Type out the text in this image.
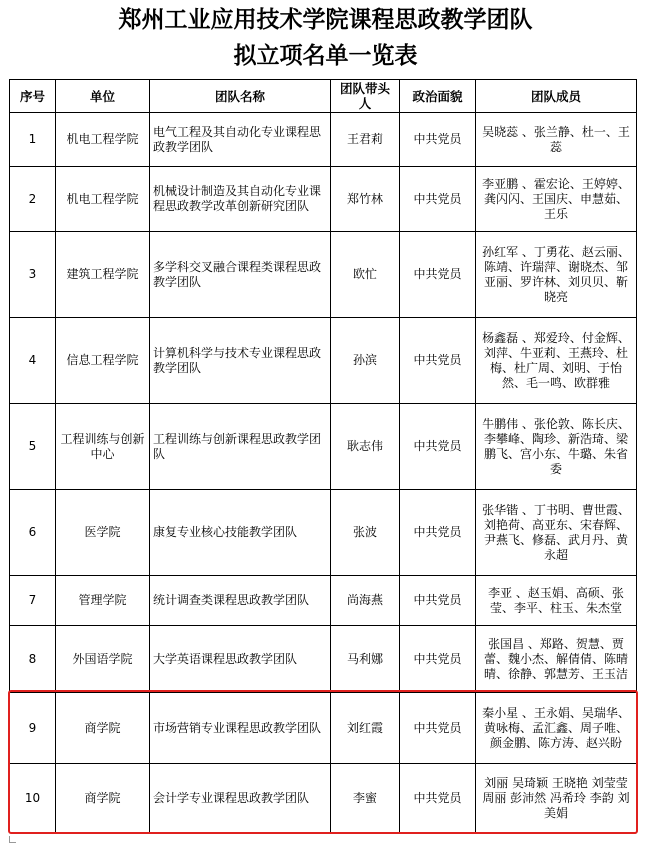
郑州工业应用技术学院课程思政教学团队
拟立项名单一览表
序号	单位	团队名称	团队带头人	政治面貌	团队成员
1	机电工程学院	电气工程及其自动化专业课程思政教学团队	王君莉	中共党员	吴晓蕊 、张兰静、杜一、王蕊
2	机电工程学院	机械设计制造及其自动化专业课程思政教学改革创新研究团队	郑竹林	中共党员	李亚鹏 、霍宏论、王婷婷、龚闪闪、王国庆、申慧茹、王乐
3	建筑工程学院	多学科交叉融合课程类课程思政教学团队	欧忙	中共党员	孙红军 、丁勇花、赵云丽、陈靖、许瑞萍、谢晓杰、邹亚丽、罗许林、刘贝贝、靳晓亮
4	信息工程学院	计算机科学与技术专业课程思政教学团队	孙滨	中共党员	杨鑫磊 、郑爱玲、付金辉、刘萍、牛亚莉、王燕玲、杜梅、杜广周、刘明、于怡然、毛一鸣、欧群雅
5	工程训练与创新中心	工程训练与创新课程思政教学团队	耿志伟	中共党员	牛鹏伟 、张伦敦、陈长庆、李攀峰、陶珍、新浩琦、梁鹏飞、宫小东、牛璐、朱省委
6	医学院	康复专业核心技能教学团队	张波	中共党员	张华锴 、丁书明、曹世霞、刘艳荷、高亚东、宋春辉、尹燕飞、修磊、武月丹、黄永超
7	管理学院	统计调查类课程思政教学团队	尚海燕	中共党员	李亚 、赵玉娟、高硕、张莹、李平、柱玉、朱杰堂
8	外国语学院	大学英语课程思政教学团队	马利娜	中共党员	张国昌 、郑路、贺慧、贾蕾、魏小杰、解倩倩、陈晴晴、徐静、郭慧芳、王玉洁
9	商学院	市场营销专业课程思政教学团队	刘红霞	中共党员	秦小星 、王永娟、吴瑞华、黄咏梅、孟汇鑫、周子唯、颜金鹏、陈方涛、赵兴盼
10	商学院	会计学专业课程思政教学团队	李蜜	中共党员	刘丽 吴琦颖 王晓艳 刘莹莹 周丽 彭沛然 冯希玲 李韵 刘美娟
